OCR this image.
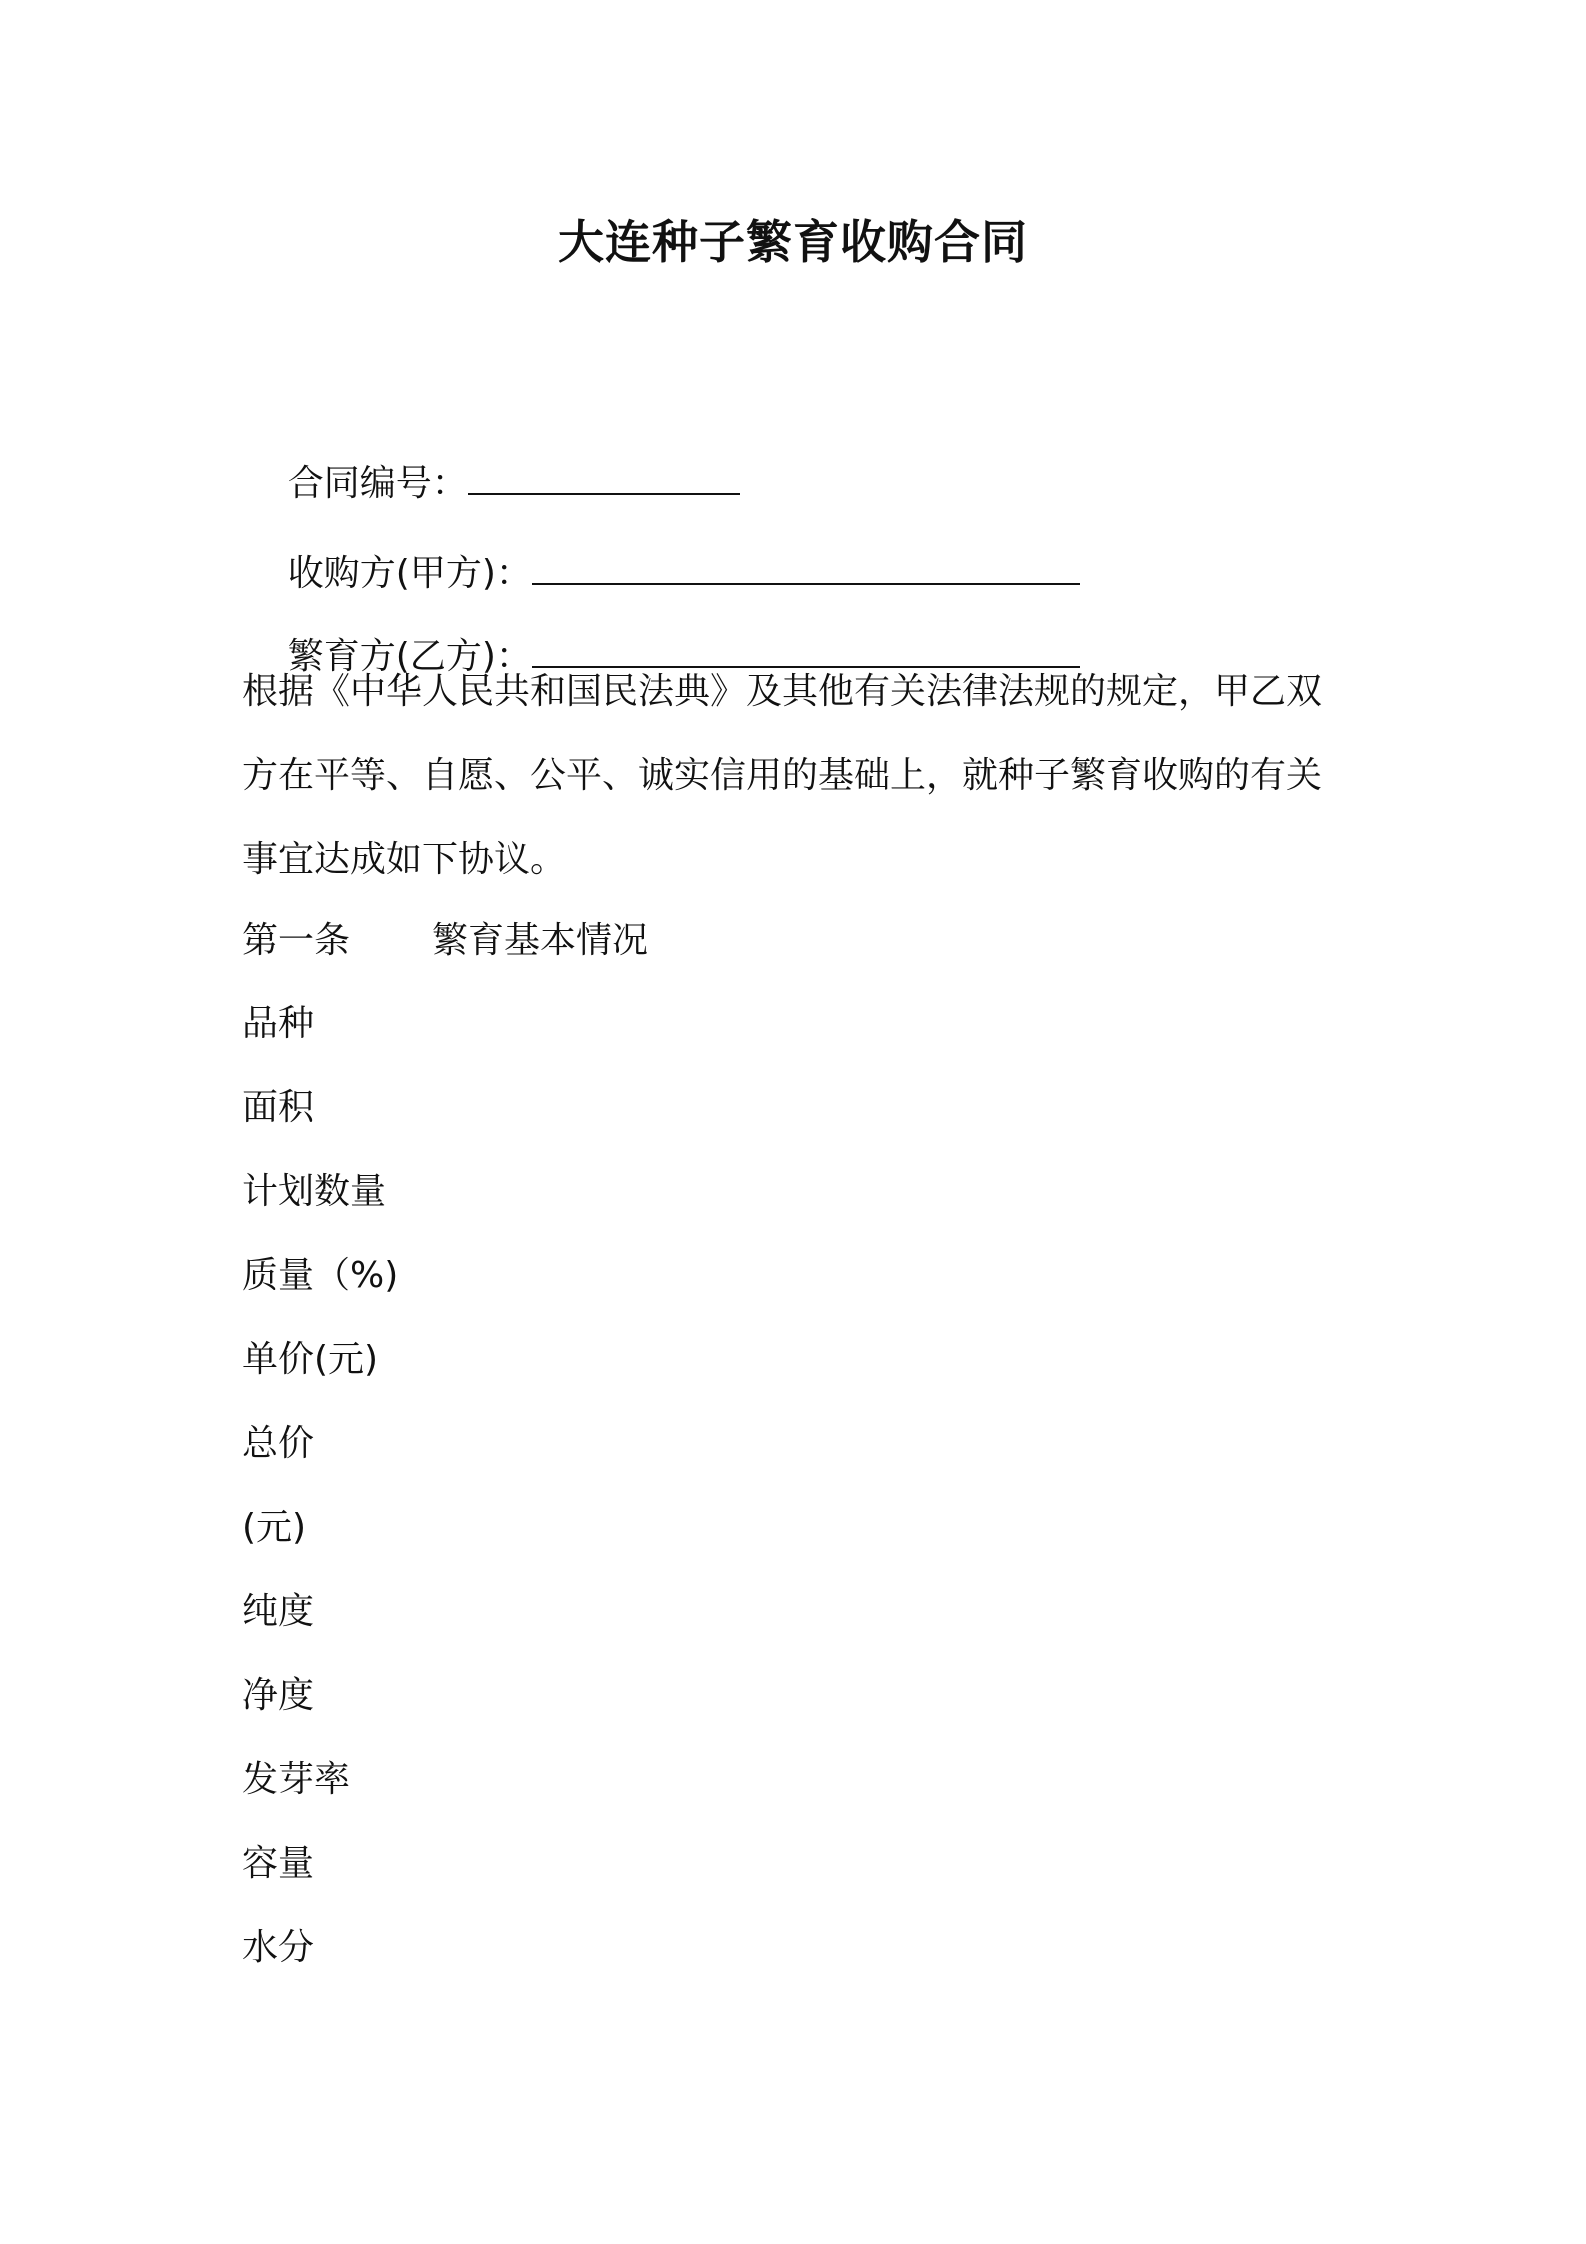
大连种子繁育收购合同

合同编号：

收购方(甲方)：

繁育方(乙方)：

根据《中华人民共和国民法典》及其他有关法律法规的规定，甲乙双
方在平等、自愿、公平、诚实信用的基础上，就种子繁育收购的有关
事宜达成如下协议。
第一条 繁育基本情况
品种
面积
计划数量
质量（%)
单价(元)
总价
(元)
纯度
净度
发芽率
容量
水分
